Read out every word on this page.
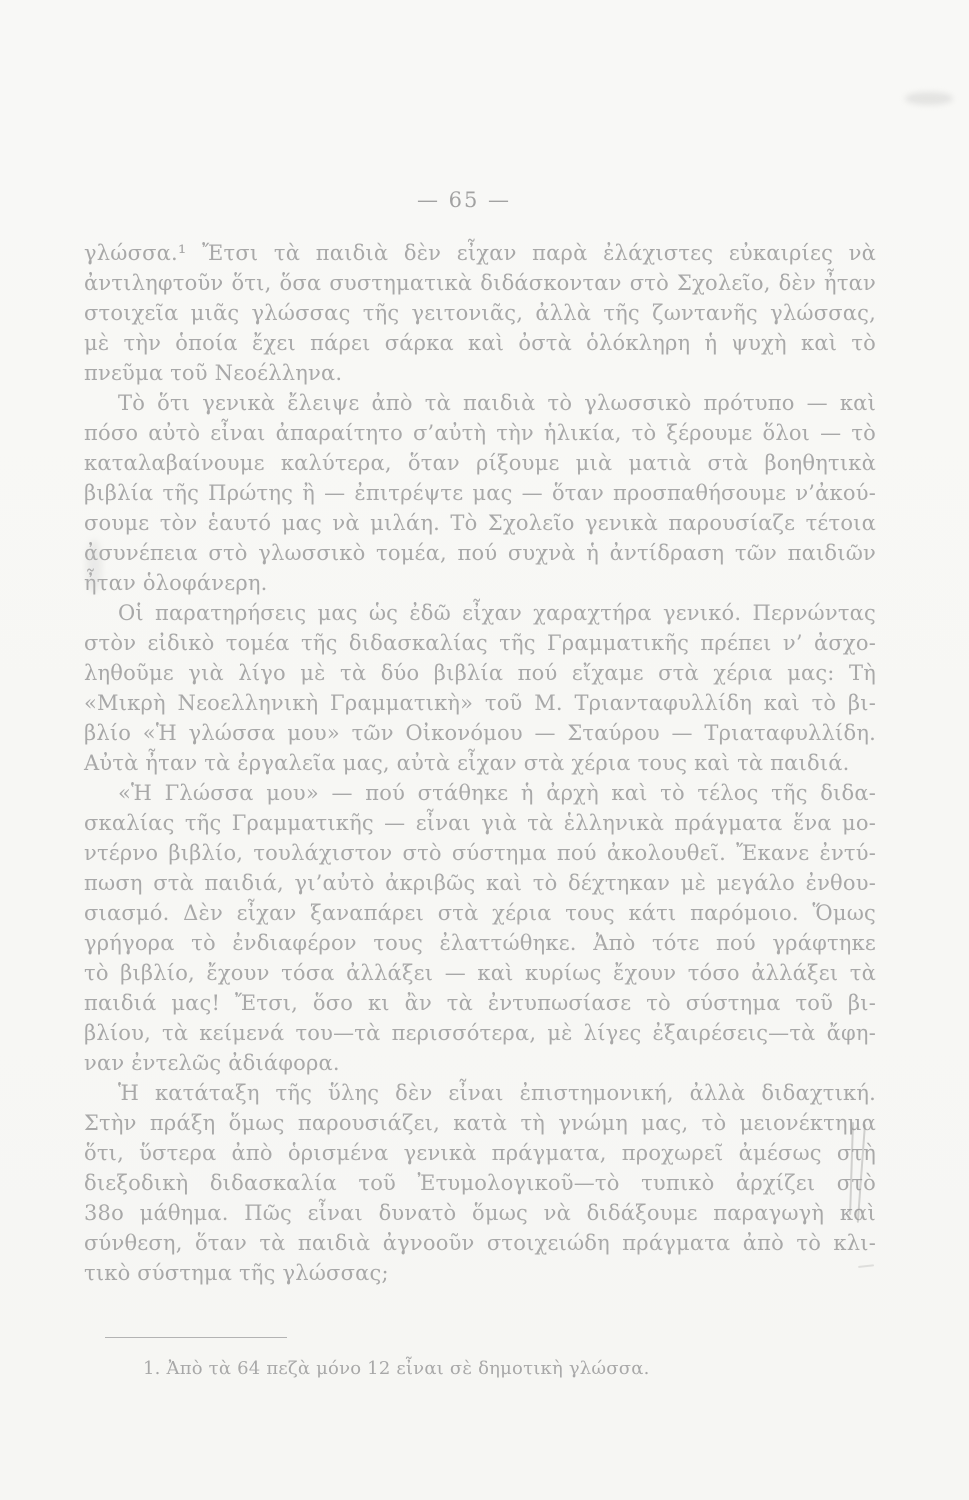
— 65 —
γλώσσα.¹ Ἔτσι τὰ παιδιὰ δὲν εἶχαν παρὰ ἐλάχιστες εὐκαιρίες νὰ
ἀντιληφτοῦν ὅτι, ὅσα συστηματικὰ διδάσκονταν στὸ Σχολεῖο, δὲν ἦταν
στοιχεῖα μιᾶς γλώσσας τῆς γειτονιᾶς, ἀλλὰ τῆς ζωντανῆς γλώσσας,
μὲ τὴν ὁποία ἔχει πάρει σάρκα καὶ ὀστὰ ὁλόκληρη ἡ ψυχὴ καὶ τὸ
πνεῦμα τοῦ Νεοέλληνα.
Τὸ ὅτι γενικὰ ἔλειψε ἀπὸ τὰ παιδιὰ τὸ γλωσσικὸ πρότυπο — καὶ
πόσο αὐτὸ εἶναι ἀπαραίτητο σ’αὐτὴ τὴν ἡλικία, τὸ ξέρουμε ὅλοι — τὸ
καταλαβαίνουμε καλύτερα, ὅταν ρίξουμε μιὰ ματιὰ στὰ βοηθητικὰ
βιβλία τῆς Πρώτης ἢ — ἐπιτρέψτε μας — ὅταν προσπαθήσουμε ν’ἀκού-
σουμε τὸν ἑαυτό μας νὰ μιλάη. Τὸ Σχολεῖο γενικὰ παρουσίαζε τέτοια
ἀσυνέπεια στὸ γλωσσικὸ τομέα, πού συχνὰ ἡ ἀντίδραση τῶν παιδιῶν
ἦταν ὁλοφάνερη.
Οἱ παρατηρήσεις μας ὡς ἐδῶ εἶχαν χαραχτήρα γενικό. Περνώντας
στὸν εἰδικὸ τομέα τῆς διδασκαλίας τῆς Γραμματικῆς πρέπει ν’ ἀσχο-
ληθοῦμε γιὰ λίγο μὲ τὰ δύο βιβλία πού εἴχαμε στὰ χέρια μας: Τὴ
«Μικρὴ Νεοελληνικὴ Γραμματικὴ» τοῦ Μ. Τριανταφυλλίδη καὶ τὸ βι-
βλίο «Ἡ γλώσσα μου» τῶν Οἰκονόμου — Σταύρου — Τριαταφυλλίδη.
Αὐτὰ ἦταν τὰ ἐργαλεῖα μας, αὐτὰ εἶχαν στὰ χέρια τους καὶ τὰ παιδιά.
«Ἡ Γλώσσα μου» — πού στάθηκε ἡ ἀρχὴ καὶ τὸ τέλος τῆς διδα-
σκαλίας τῆς Γραμματικῆς — εἶναι γιὰ τὰ ἑλληνικὰ πράγματα ἕνα μο-
ντέρνο βιβλίο, τουλάχιστον στὸ σύστημα πού ἀκολουθεῖ. Ἔκανε ἐντύ-
πωση στὰ παιδιά, γι’αὐτὸ ἀκριβῶς καὶ τὸ δέχτηκαν μὲ μεγάλο ἐνθου-
σιασμό. Δὲν εἶχαν ξαναπάρει στὰ χέρια τους κάτι παρόμοιο. Ὅμως
γρήγορα τὸ ἐνδιαφέρον τους ἐλαττώθηκε. Ἀπὸ τότε πού γράφτηκε
τὸ βιβλίο, ἔχουν τόσα ἀλλάξει — καὶ κυρίως ἔχουν τόσο ἀλλάξει τὰ
παιδιά μας! Ἔτσι, ὅσο κι ἂν τὰ ἐντυπωσίασε τὸ σύστημα τοῦ βι-
βλίου, τὰ κείμενά του—τὰ περισσότερα, μὲ λίγες ἐξαιρέσεις—τὰ ἄφη-
ναν ἐντελῶς ἀδιάφορα.
Ἡ κατάταξη τῆς ὕλης δὲν εἶναι ἐπιστημονική, ἀλλὰ διδαχτική.
Στὴν πράξη ὅμως παρουσιάζει, κατὰ τὴ γνώμη μας, τὸ μειονέκτημα
ὅτι, ὕστερα ἀπὸ ὁρισμένα γενικὰ πράγματα, προχωρεῖ ἀμέσως στὴ
διεξοδικὴ διδασκαλία τοῦ Ἐτυμολογικοῦ—τὸ τυπικὸ ἀρχίζει στὸ
38ο μάθημα. Πῶς εἶναι δυνατὸ ὅμως νὰ διδάξουμε παραγωγὴ καὶ
σύνθεση, ὅταν τὰ παιδιὰ ἀγνοοῦν στοιχειώδη πράγματα ἀπὸ τὸ κλι-
τικὸ σύστημα τῆς γλώσσας;
1. Ἀπὸ τὰ 64 πεζὰ μόνο 12 εἶναι σὲ δημοτικὴ γλώσσα.
